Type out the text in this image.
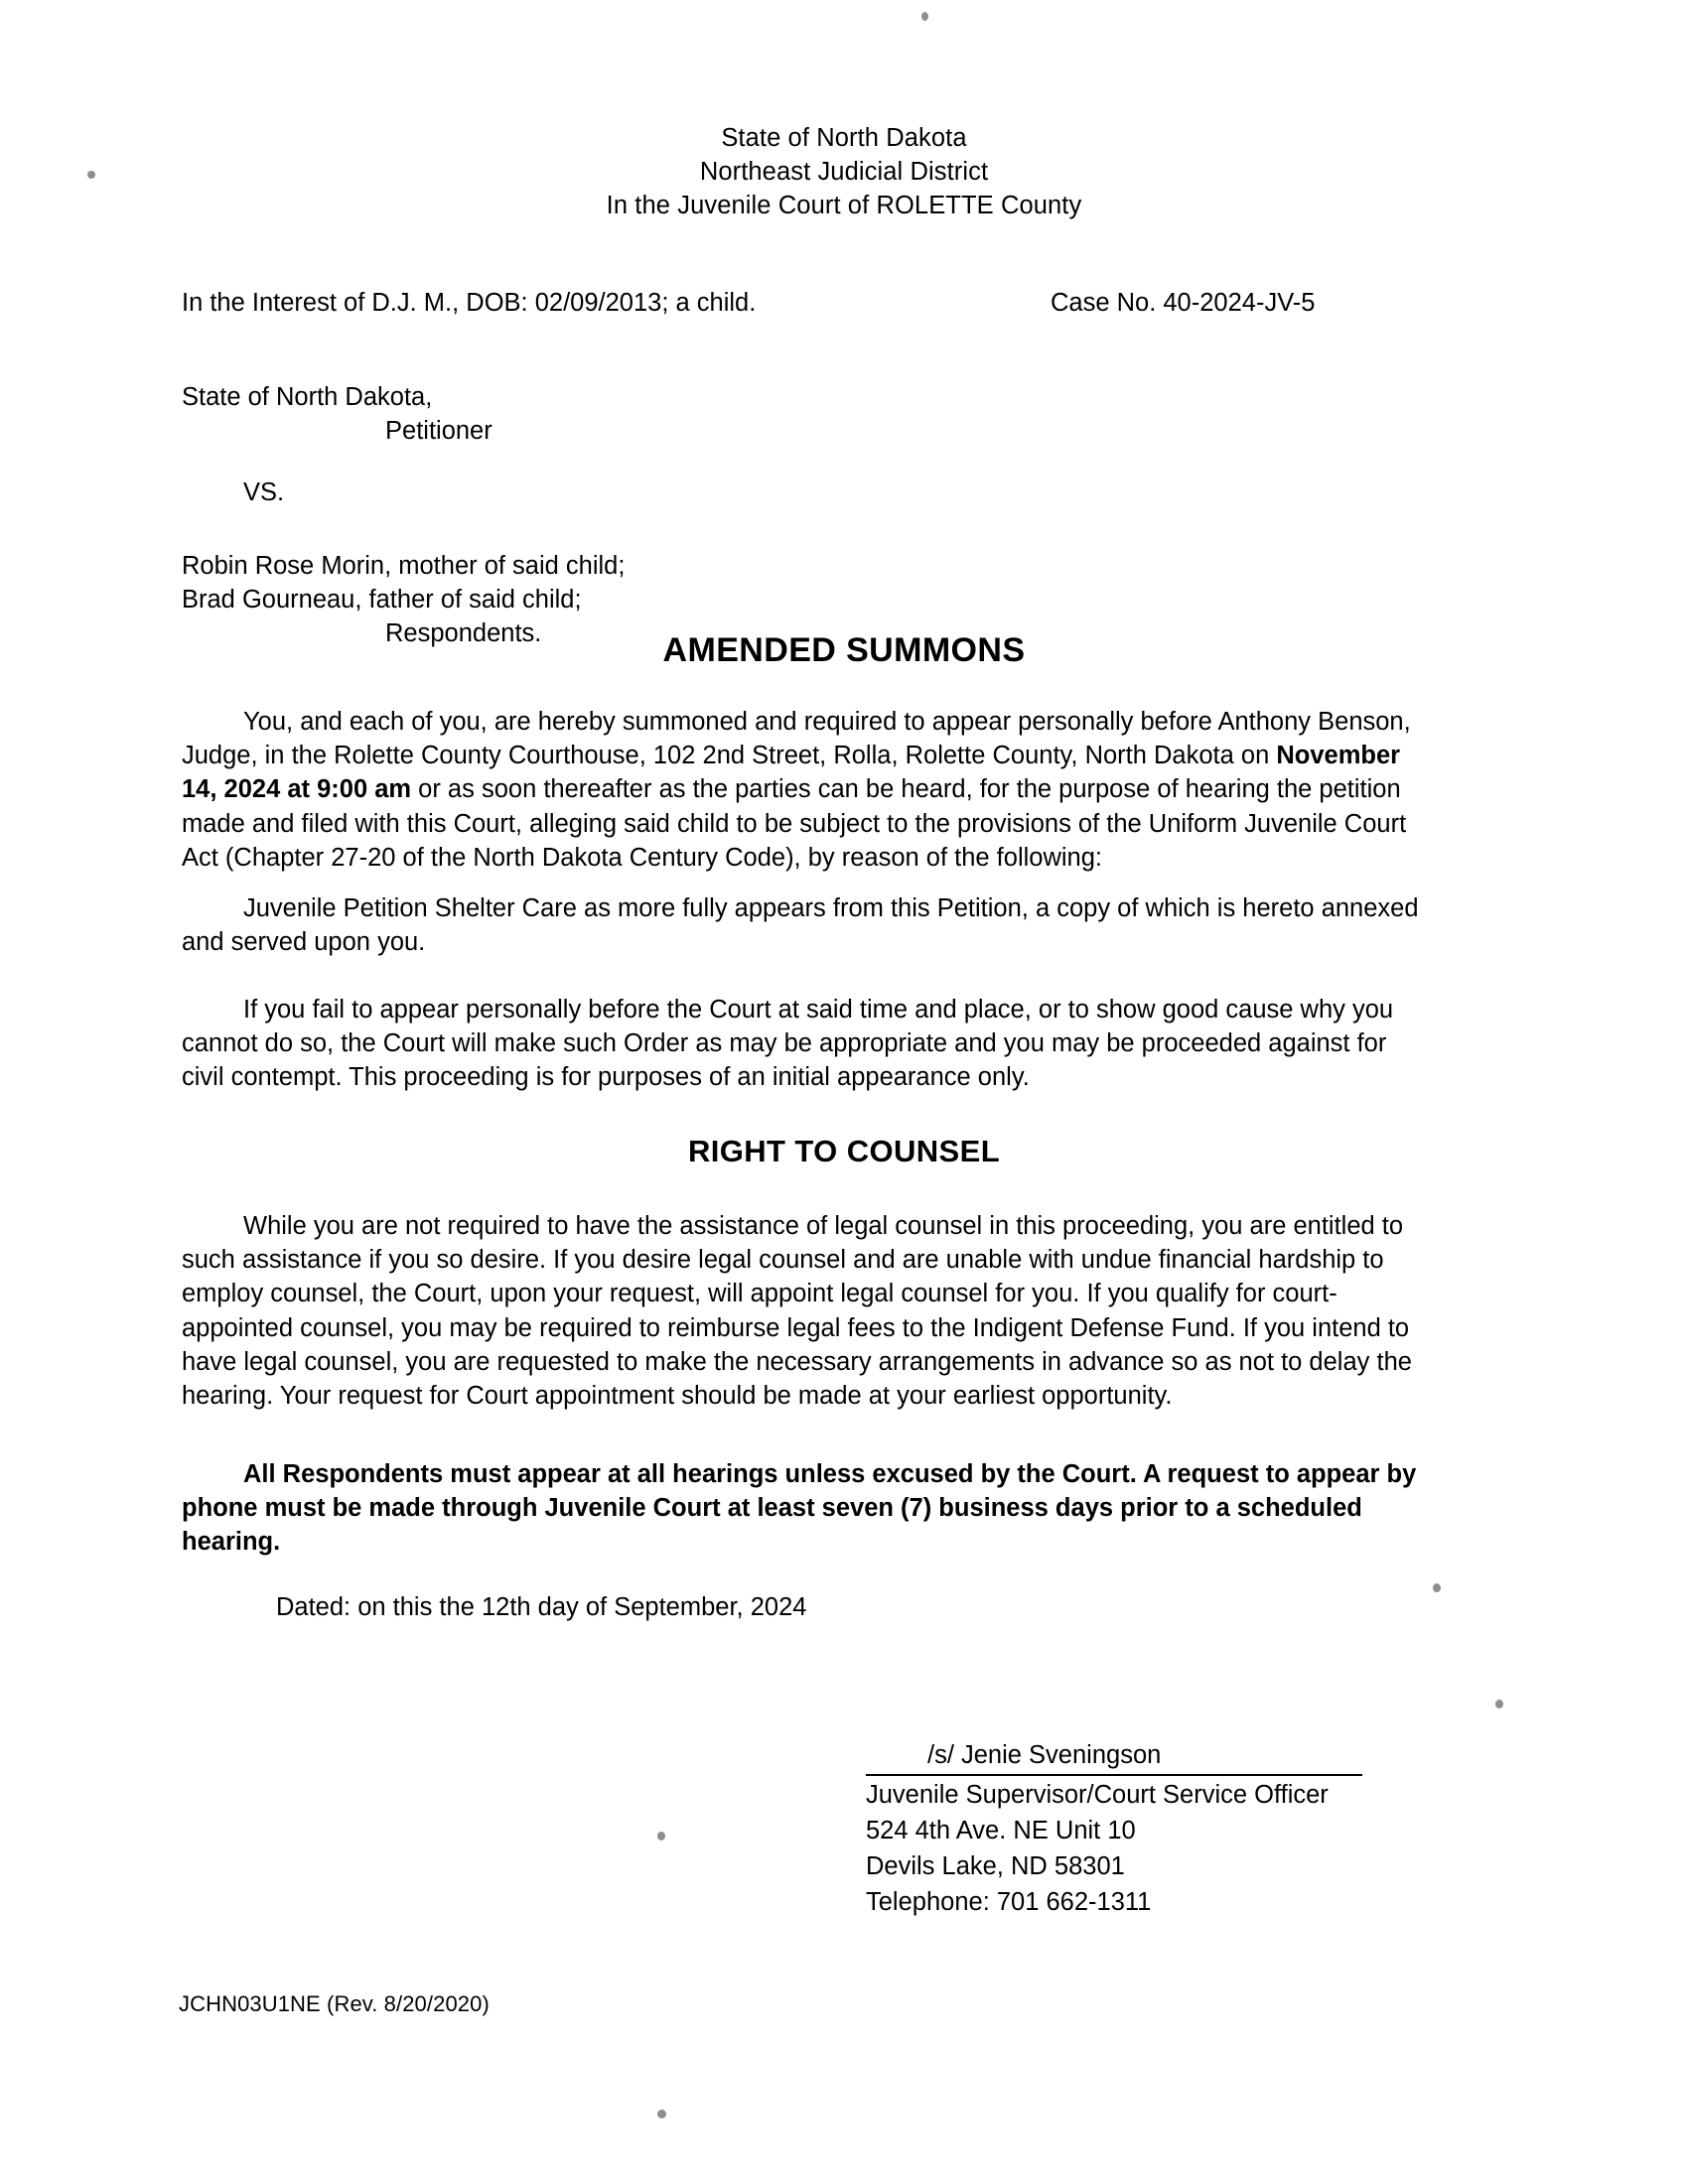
State of North Dakota
Northeast Judicial District
In the Juvenile Court of ROLETTE County
In the Interest of D.J. M., DOB: 02/09/2013; a child.	Case No. 40-2024-JV-5
State of North Dakota,
Petitioner
VS.
Robin Rose Morin, mother of said child;
Brad Gourneau, father of said child;
Respondents.	AMENDED SUMMONS

You, and each of you, are hereby summoned and required to appear personally before Anthony Benson, Judge, in the Rolette County Courthouse, 102 2nd Street, Rolla, Rolette County, North Dakota on November 14, 2024 at 9:00 am or as soon thereafter as the parties can be heard, for the purpose of hearing the petition made and filed with this Court, alleging said child to be subject to the provisions of the Uniform Juvenile Court Act (Chapter 27-20 of the North Dakota Century Code), by reason of the following:

Juvenile Petition Shelter Care as more fully appears from this Petition, a copy of which is hereto annexed and served upon you.

If you fail to appear personally before the Court at said time and place, or to show good cause why you cannot do so, the Court will make such Order as may be appropriate and you may be proceeded against for civil contempt. This proceeding is for purposes of an initial appearance only.

RIGHT TO COUNSEL

While you are not required to have the assistance of legal counsel in this proceeding, you are entitled to such assistance if you so desire. If you desire legal counsel and are unable with undue financial hardship to employ counsel, the Court, upon your request, will appoint legal counsel for you. If you qualify for court-appointed counsel, you may be required to reimburse legal fees to the Indigent Defense Fund. If you intend to have legal counsel, you are requested to make the necessary arrangements in advance so as not to delay the hearing. Your request for Court appointment should be made at your earliest opportunity.

All Respondents must appear at all hearings unless excused by the Court. A request to appear by phone must be made through Juvenile Court at least seven (7) business days prior to a scheduled hearing.

Dated: on this the 12th day of September, 2024
/s/ Jenie Sveningson
Juvenile Supervisor/Court Service Officer
524 4th Ave. NE Unit 10
Devils Lake, ND 58301
Telephone: 701 662-1311
JCHN03U1NE (Rev. 8/20/2020)
